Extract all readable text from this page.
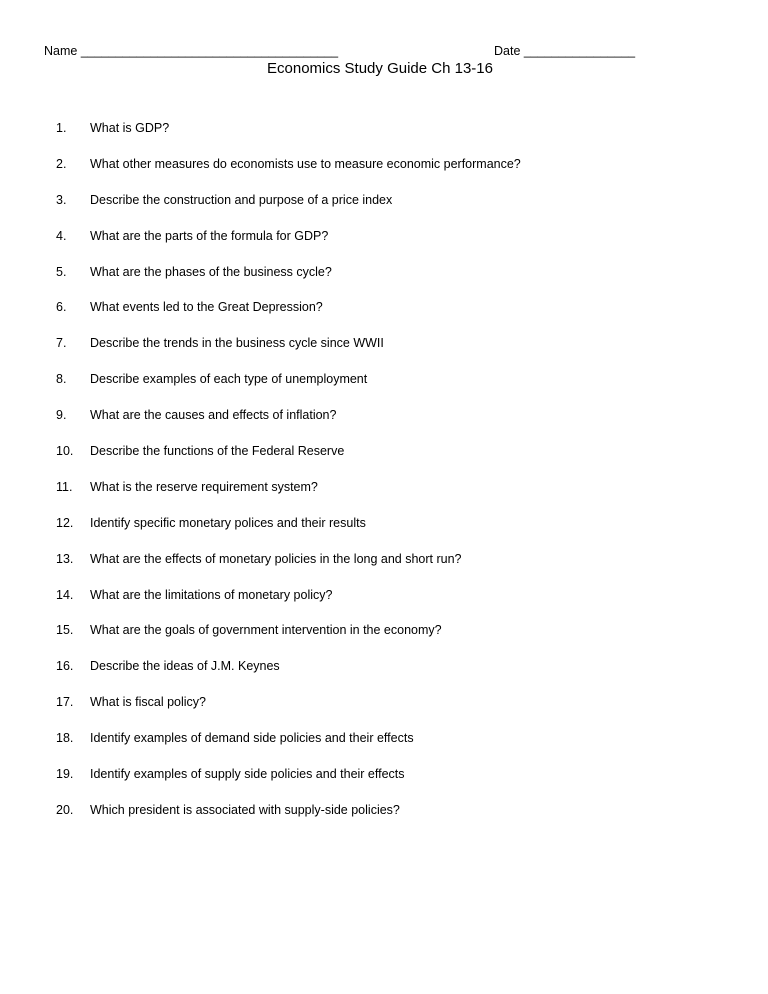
Name _____________________________________	Date ________________
Economics Study Guide Ch 13-16
1. What is GDP?
2. What other measures do economists use to measure economic performance?
3. Describe the construction and purpose of a price index
4. What are the parts of the formula for GDP?
5. What are the phases of the business cycle?
6. What events led to the Great Depression?
7. Describe the trends in the business cycle since WWII
8. Describe examples of each type of unemployment
9. What are the causes and effects of inflation?
10. Describe the functions of the Federal Reserve
11. What is the reserve requirement system?
12. Identify specific monetary polices and their results
13. What are the effects of monetary policies in the long and short run?
14. What are the limitations of monetary policy?
15. What are the goals of government intervention in the economy?
16. Describe the ideas of J.M. Keynes
17. What is fiscal policy?
18. Identify examples of demand side policies and their effects
19. Identify examples of supply side policies and their effects
20. Which president is associated with supply-side policies?
